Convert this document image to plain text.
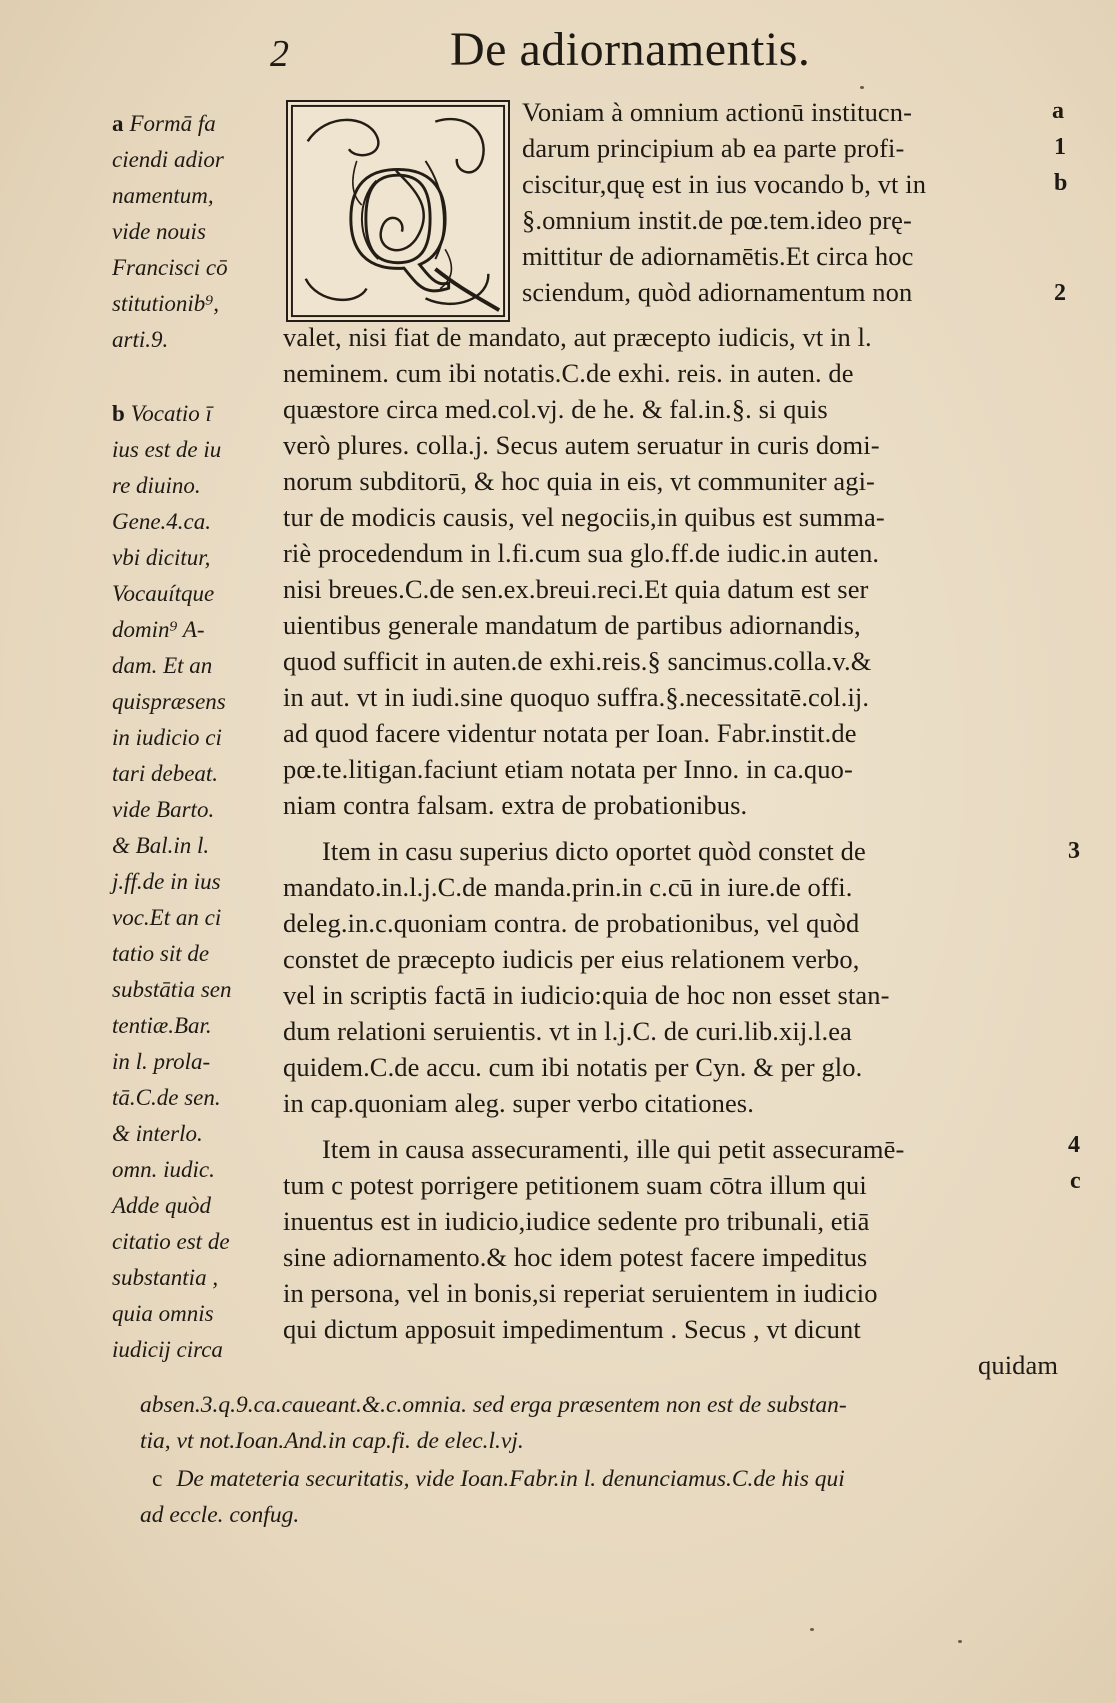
2	De adiornamentis.
a Formā fa
ciendi adior
namentum,
vide nouis
Francisci cō
stitutionib⁹,
arti.9.
b Vocatio ī
ius est de iu
re diuino.
Gene.4.ca.
vbi dicitur,
Vocauítque
domin⁹ A-
dam. Et an
quispræsens
in iudicio ci
tari debeat.
vide Barto.
& Bal.in l.
j.ff.de in ius
voc.Et an ci
tatio sit de
substātia sen
tentiæ.Bar.
in l. prola-
tā.C.de sen.
& interlo.
omn. iudic.
Adde quòd
citatio est de
substantia ,
quia omnis
iudicij circa
Q
Voniam à omnium actionū institucn-
darum principium ab ea parte profi-
ciscitur,quę est in ius vocando b, vt in
§.omnium instit.de pœ.tem.ideo prę-
mittitur de adiornamētis.Et circa hoc
sciendum, quòd adiornamentum non
valet, nisi fiat de mandato, aut præcepto iudicis, vt in l.
neminem. cum ibi notatis.C.de exhi. reis. in auten. de
quæstore circa med.col.vj. de he. & fal.in.§. si quis
verò plures. colla.j. Secus autem seruatur in curis domi-
norum subditorū, & hoc quia in eis, vt communiter agi-
tur de modicis causis, vel negociis,in quibus est summa-
riè procedendum in l.fi.cum sua glo.ff.de iudic.in auten.
nisi breues.C.de sen.ex.breui.reci.Et quia datum est ser
uientibus generale mandatum de partibus adiornandis,
quod sufficit in auten.de exhi.reis.§ sancimus.colla.v.&
in aut. vt in iudi.sine quoquo suffra.§.necessitatē.col.ij.
ad quod facere videntur notata per Ioan. Fabr.instit.de
pœ.te.litigan.faciunt etiam notata per Inno. in ca.quo-
niam contra falsam. extra de probationibus.
Item in casu superius dicto oportet quòd constet de
mandato.in.l.j.C.de manda.prin.in c.cū in iure.de offi.
deleg.in.c.quoniam contra. de probationibus, vel quòd
constet de præcepto iudicis per eius relationem verbo,
vel in scriptis factā in iudicio:quia de hoc non esset stan-
dum relationi seruientis. vt in l.j.C. de curi.lib.xij.l.ea
quidem.C.de accu. cum ibi notatis per Cyn. & per glo.
in cap.quoniam aleg. super verbo citationes.
Item in causa assecuramenti, ille qui petit assecuramē-
tum c potest porrigere petitionem suam cōtra illum qui
inuentus est in iudicio,iudice sedente pro tribunali, etiā
sine adiornamento.& hoc idem potest facere impeditus
in persona, vel in bonis,si reperiat seruientem in iudicio
qui dictum apposuit impedimentum . Secus , vt dicunt
quidam
a
1
b
2
3
4
c
absen.3.q.9.ca.caueant.&.c.omnia. sed erga præsentem non est de substan-
tia, vt not.Ioan.And.in cap.fi. de elec.l.vj.
c De mateteria securitatis, vide Ioan.Fabr.in l. denunciamus.C.de his qui
ad eccle. confug.
